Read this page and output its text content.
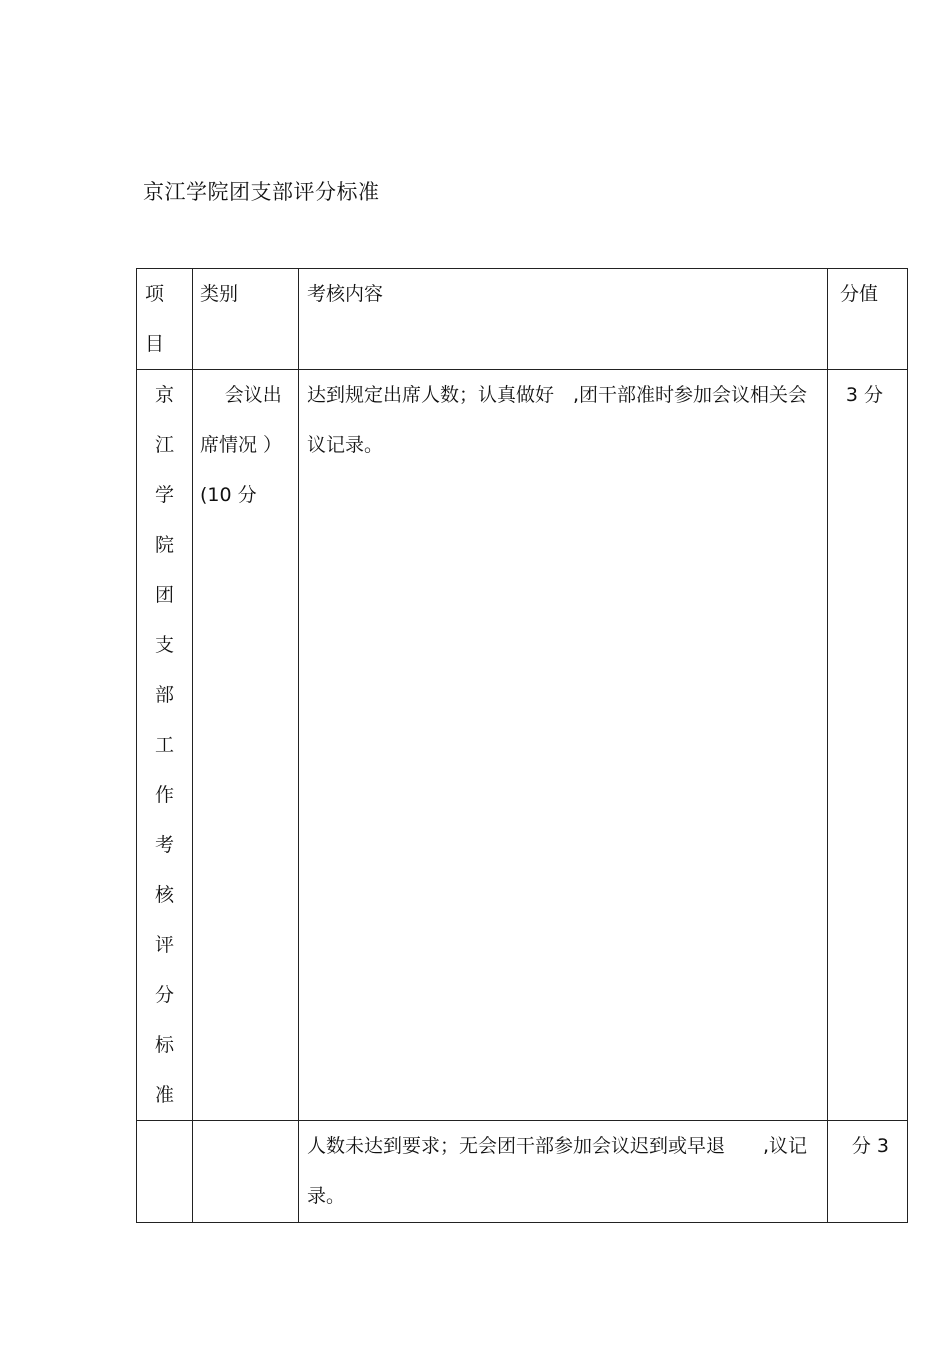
京江学院团支部评分标准
项目	类别	考核内容	分值

京江学院团支部工作考核评分标准	会议出席情况 ）(10 分	达到规定出席人数；认真做好　,团干部准时参加会议相关会议记录。	3 分

		人数未达到要求；无会团干部参加会议迟到或早退　　,议记录。	分 3
